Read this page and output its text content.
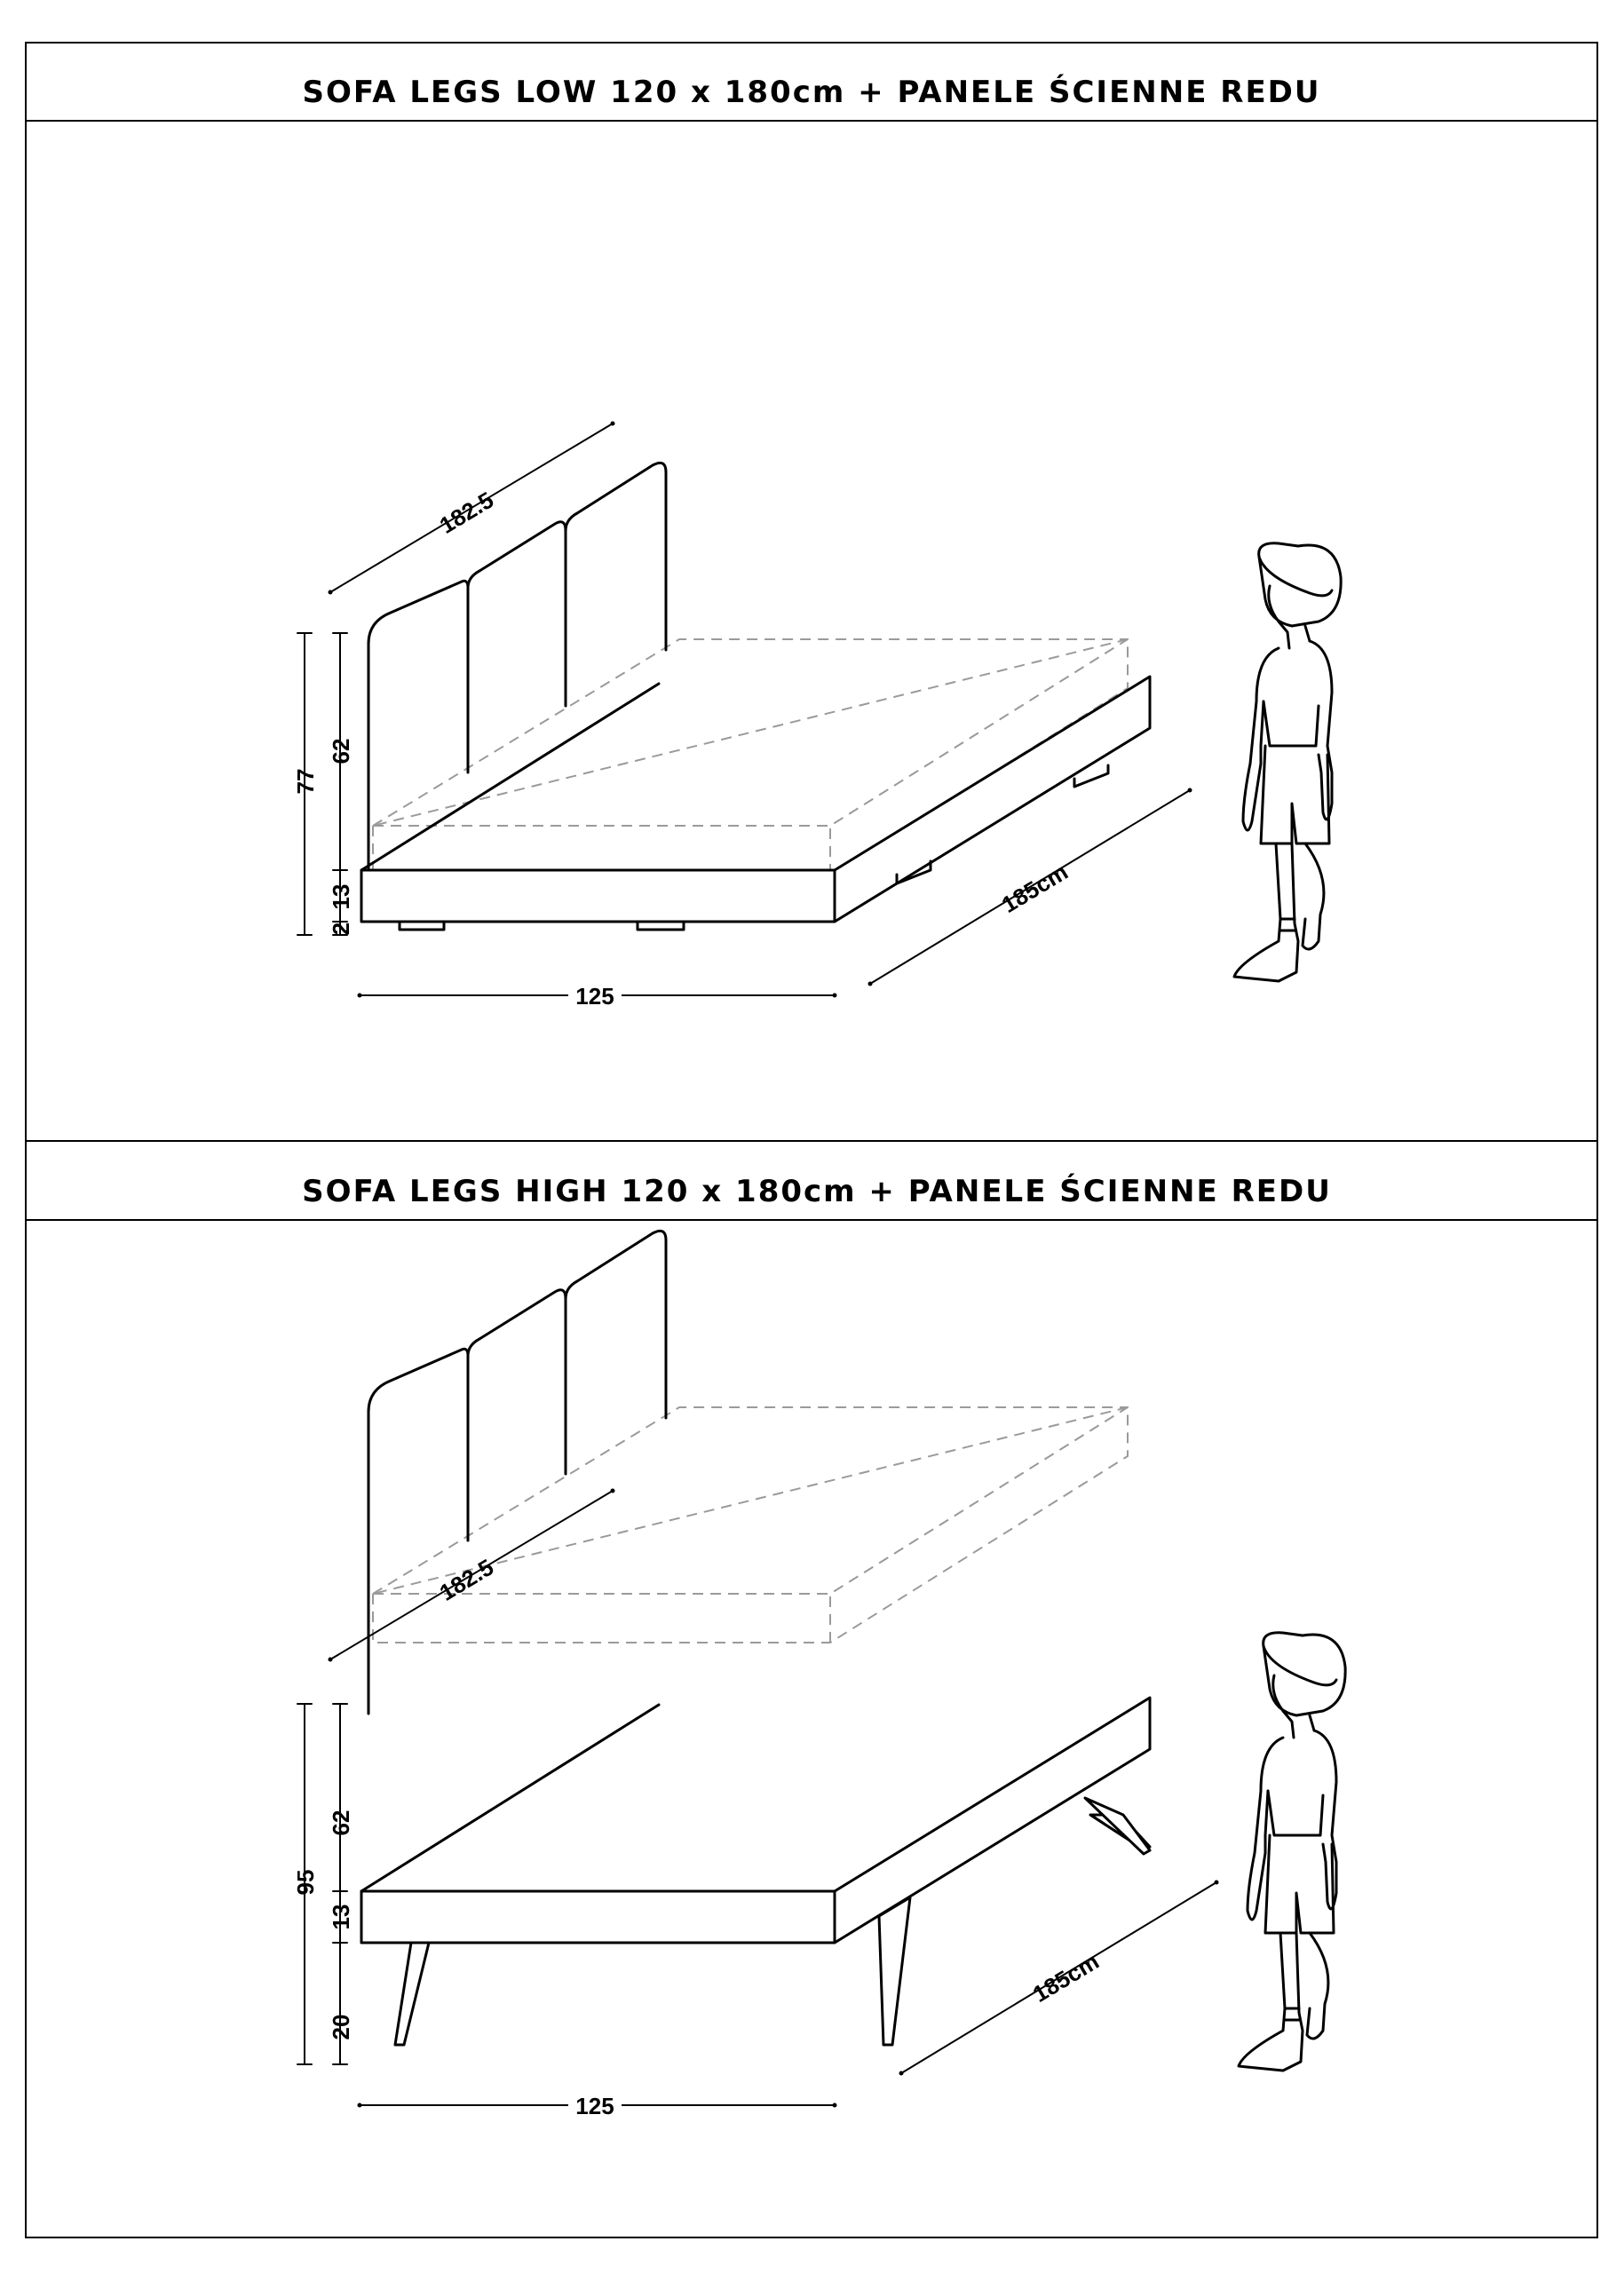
SOFA LEGS LOW 120 x 180cm + PANELE ŚCIENNE REDU
SOFA LEGS HIGH 120 x 180cm + PANELE ŚCIENNE REDU
182.5
77
62
13
2
125
185cm
182.5
95
62
13
20
125
185cm
